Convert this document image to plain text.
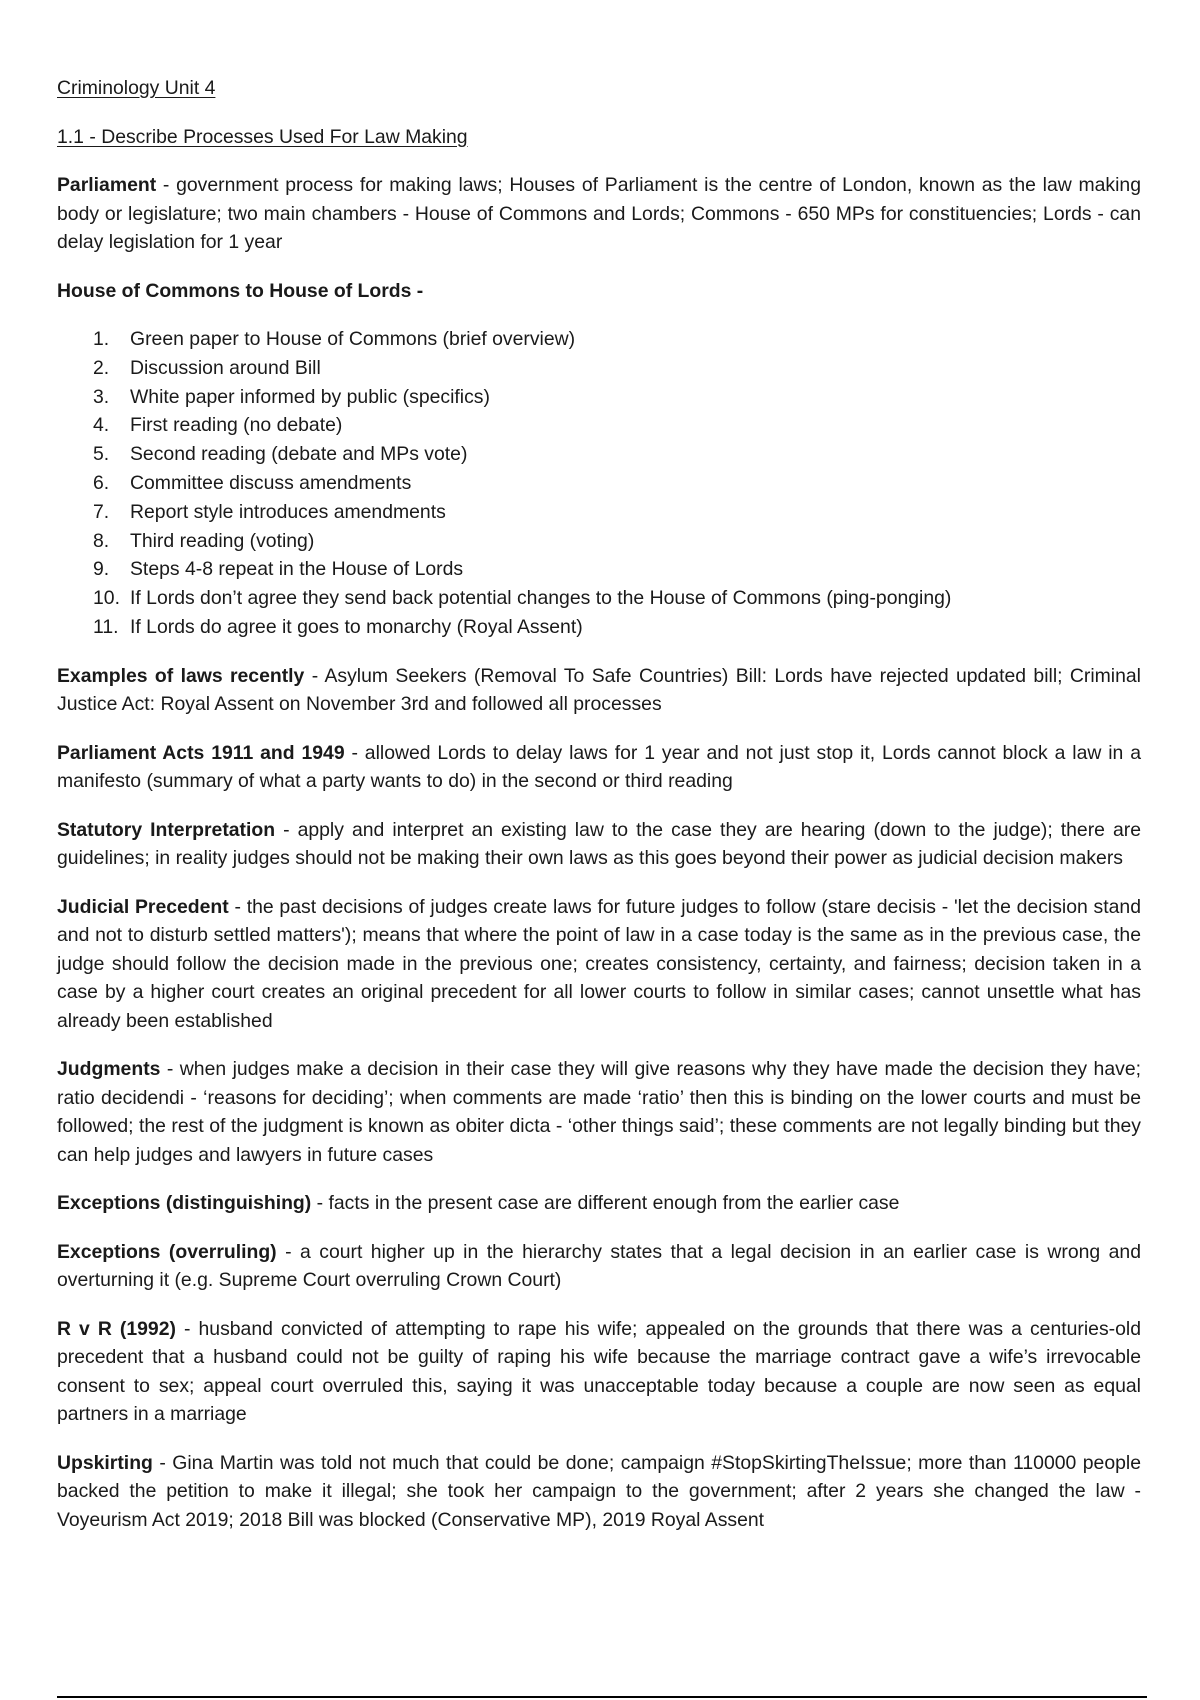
Criminology Unit 4

1.1 - Describe Processes Used For Law Making

Parliament - government process for making laws; Houses of Parliament is the centre of London, known as the law making body or legislature; two main chambers - House of Commons and Lords; Commons - 650 MPs for constituencies; Lords - can delay legislation for 1 year

House of Commons to House of Lords -

1. Green paper to House of Commons (brief overview)
2. Discussion around Bill
3. White paper informed by public (specifics)
4. First reading (no debate)
5. Second reading (debate and MPs vote)
6. Committee discuss amendments
7. Report style introduces amendments
8. Third reading (voting)
9. Steps 4-8 repeat in the House of Lords
10. If Lords don’t agree they send back potential changes to the House of Commons (ping-ponging)
11. If Lords do agree it goes to monarchy (Royal Assent)

Examples of laws recently - Asylum Seekers (Removal To Safe Countries) Bill: Lords have rejected updated bill; Criminal Justice Act: Royal Assent on November 3rd and followed all processes

Parliament Acts 1911 and 1949 - allowed Lords to delay laws for 1 year and not just stop it, Lords cannot block a law in a manifesto (summary of what a party wants to do) in the second or third reading

Statutory Interpretation - apply and interpret an existing law to the case they are hearing (down to the judge); there are guidelines; in reality judges should not be making their own laws as this goes beyond their power as judicial decision makers

Judicial Precedent - the past decisions of judges create laws for future judges to follow (stare decisis - 'let the decision stand and not to disturb settled matters'); means that where the point of law in a case today is the same as in the previous case, the judge should follow the decision made in the previous one; creates consistency, certainty, and fairness; decision taken in a case by a higher court creates an original precedent for all lower courts to follow in similar cases; cannot unsettle what has already been established

Judgments - when judges make a decision in their case they will give reasons why they have made the decision they have; ratio decidendi - ‘reasons for deciding’; when comments are made ‘ratio’ then this is binding on the lower courts and must be followed; the rest of the judgment is known as obiter dicta - ‘other things said’; these comments are not legally binding but they can help judges and lawyers in future cases

Exceptions (distinguishing) - facts in the present case are different enough from the earlier case

Exceptions (overruling) - a court higher up in the hierarchy states that a legal decision in an earlier case is wrong and overturning it (e.g. Supreme Court overruling Crown Court)

R v R (1992) - husband convicted of attempting to rape his wife; appealed on the grounds that there was a centuries-old precedent that a husband could not be guilty of raping his wife because the marriage contract gave a wife’s irrevocable consent to sex; appeal court overruled this, saying it was unacceptable today because a couple are now seen as equal partners in a marriage

Upskirting - Gina Martin was told not much that could be done; campaign #StopSkirtingTheIssue; more than 110000 people backed the petition to make it illegal; she took her campaign to the government; after 2 years she changed the law - Voyeurism Act 2019; 2018 Bill was blocked (Conservative MP), 2019 Royal Assent
